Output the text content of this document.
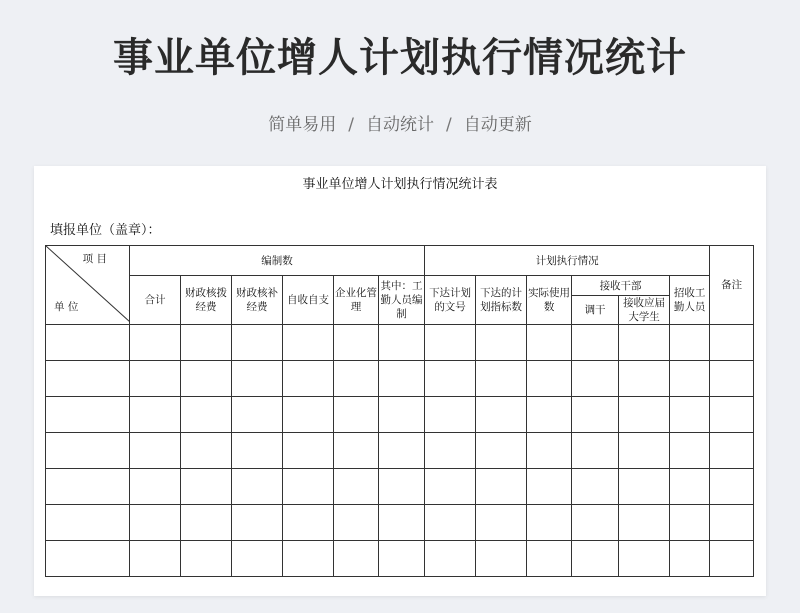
事业单位增人计划执行情况统计
简单易用 / 自动统计 / 自动更新
事业单位增人计划执行情况统计表
填报单位（盖章）：
项 目
单 位	编制数						计划执行情况						备注
	合计	财政核拨经费	财政核补经费	自收自支	企业化管理	其中：工勤人员编制	下达计划的文号	下达的计划指标数	实际使用数	接收干部		招收工勤人员	
										调干	接收应届大学生		
